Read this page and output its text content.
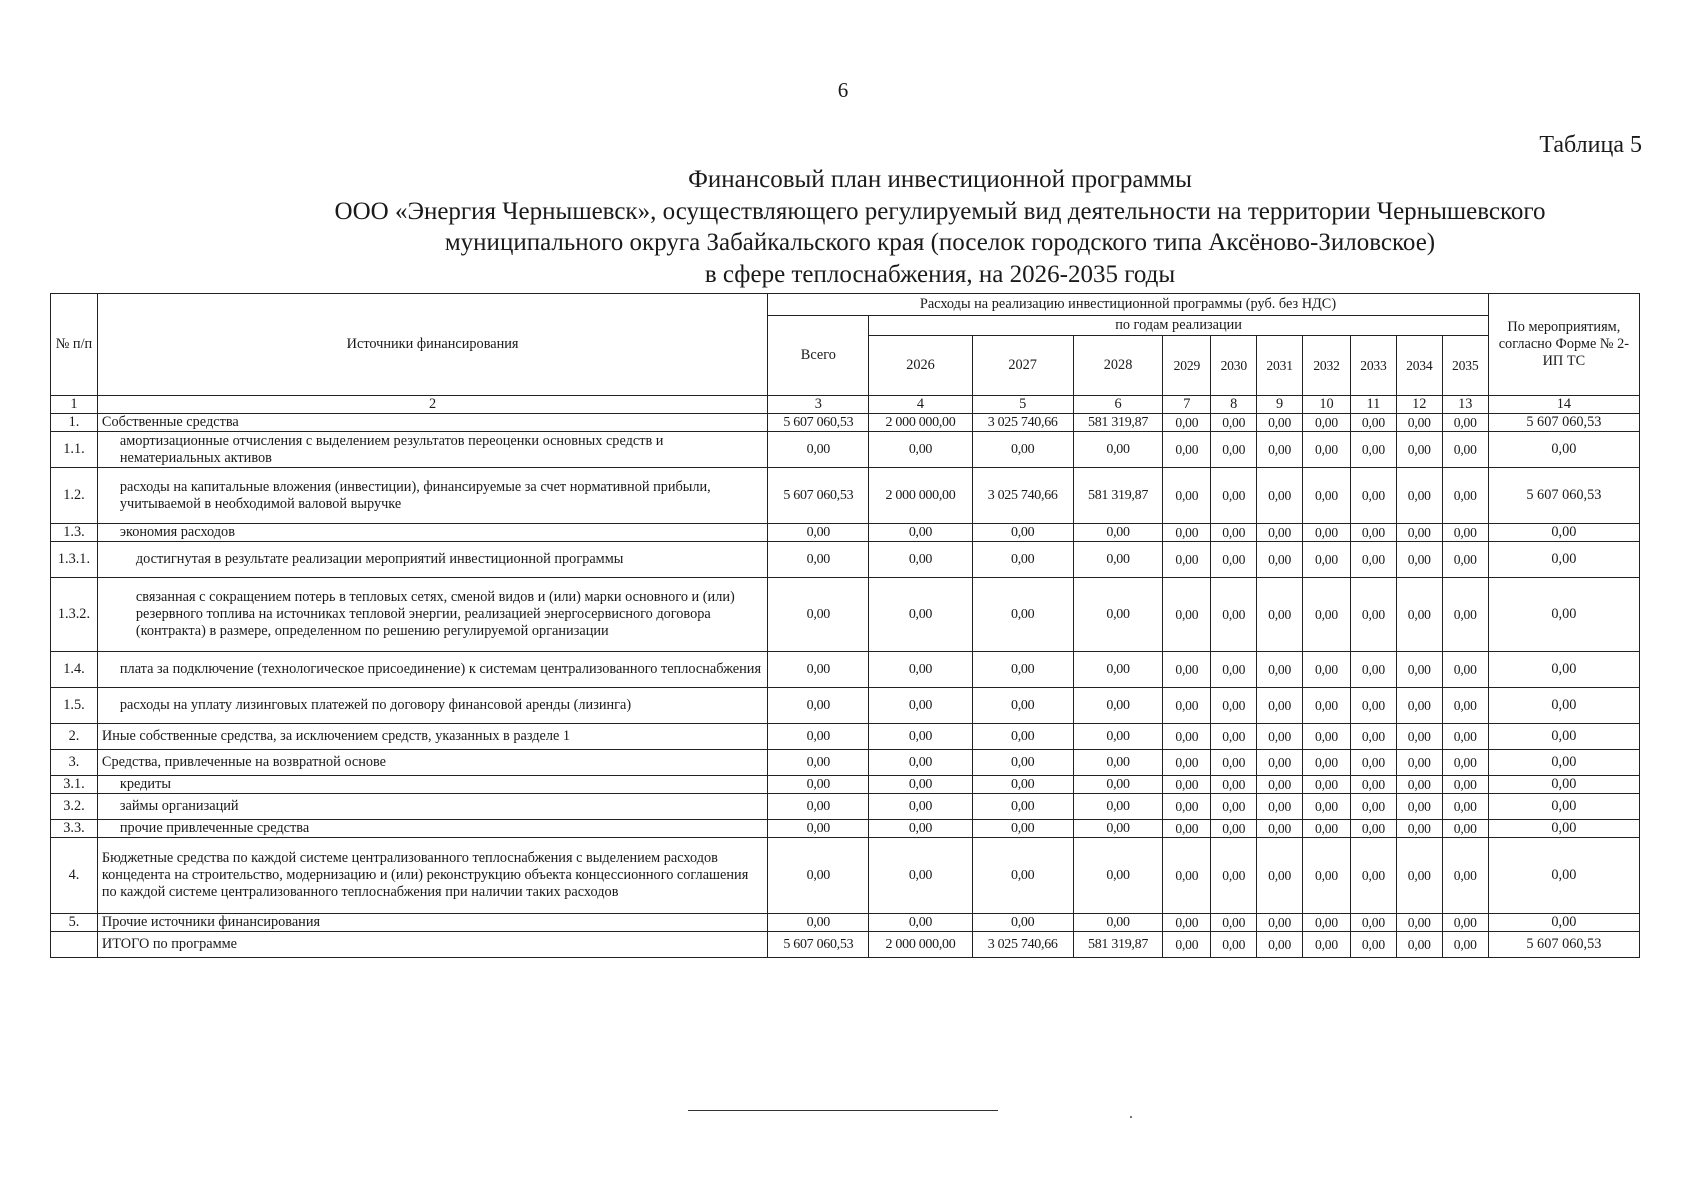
6
Таблица 5
Финансовый план инвестиционной программы
ООО «Энергия Чернышевск», осуществляющего регулируемый вид деятельности на территории Чернышевского
муниципального округа Забайкальского края (поселок городского типа Аксёново-Зиловское)
в сфере теплоснабжения, на 2026-2035 годы
№ п/п	Источники финансирования	Расходы на реализацию инвестиционной программы (руб. без НДС)											По мероприятиям, согласно Форме № 2-ИП ТС
		Всего	по годам реализации										
			2026	2027	2028	2029	2030	2031	2032	2033	2034	2035	
1	2	3	4	5	6	7	8	9	10	11	12	13	14
1.	Собственные средства	5 607 060,53	2 000 000,00	3 025 740,66	581 319,87	0,00	0,00	0,00	0,00	0,00	0,00	0,00	5 607 060,53
1.1.	амортизационные отчисления с выделением результатов переоценки основных средств и нематериальных активов	0,00	0,00	0,00	0,00	0,00	0,00	0,00	0,00	0,00	0,00	0,00	0,00
1.2.	расходы на капитальные вложения (инвестиции), финансируемые за счет нормативной прибыли, учитываемой в необходимой валовой выручке	5 607 060,53	2 000 000,00	3 025 740,66	581 319,87	0,00	0,00	0,00	0,00	0,00	0,00	0,00	5 607 060,53
1.3.	экономия расходов	0,00	0,00	0,00	0,00	0,00	0,00	0,00	0,00	0,00	0,00	0,00	0,00
1.3.1.	достигнутая в результате реализации мероприятий инвестиционной программы	0,00	0,00	0,00	0,00	0,00	0,00	0,00	0,00	0,00	0,00	0,00	0,00
1.3.2.	связанная с сокращением потерь в тепловых сетях, сменой видов и (или) марки основного и (или) резервного топлива на источниках тепловой энергии, реализацией энергосервисного договора (контракта) в размере, определенном по решению регулируемой организации	0,00	0,00	0,00	0,00	0,00	0,00	0,00	0,00	0,00	0,00	0,00	0,00
1.4.	плата за подключение (технологическое присоединение) к системам централизованного теплоснабжения	0,00	0,00	0,00	0,00	0,00	0,00	0,00	0,00	0,00	0,00	0,00	0,00
1.5.	расходы на уплату лизинговых платежей по договору финансовой аренды (лизинга)	0,00	0,00	0,00	0,00	0,00	0,00	0,00	0,00	0,00	0,00	0,00	0,00
2.	Иные собственные средства, за исключением средств, указанных в разделе 1	0,00	0,00	0,00	0,00	0,00	0,00	0,00	0,00	0,00	0,00	0,00	0,00
3.	Средства, привлеченные на возвратной основе	0,00	0,00	0,00	0,00	0,00	0,00	0,00	0,00	0,00	0,00	0,00	0,00
3.1.	кредиты	0,00	0,00	0,00	0,00	0,00	0,00	0,00	0,00	0,00	0,00	0,00	0,00
3.2.	займы организаций	0,00	0,00	0,00	0,00	0,00	0,00	0,00	0,00	0,00	0,00	0,00	0,00
3.3.	прочие привлеченные средства	0,00	0,00	0,00	0,00	0,00	0,00	0,00	0,00	0,00	0,00	0,00	0,00
4.	Бюджетные средства по каждой системе централизованного теплоснабжения с выделением расходов концедента на строительство, модернизацию и (или) реконструкцию объекта концессионного соглашения по каждой системе централизованного теплоснабжения при наличии таких расходов	0,00	0,00	0,00	0,00	0,00	0,00	0,00	0,00	0,00	0,00	0,00	0,00
5.	Прочие источники финансирования	0,00	0,00	0,00	0,00	0,00	0,00	0,00	0,00	0,00	0,00	0,00	0,00
	ИТОГО по программе	5 607 060,53	2 000 000,00	3 025 740,66	581 319,87	0,00	0,00	0,00	0,00	0,00	0,00	0,00	5 607 060,53
